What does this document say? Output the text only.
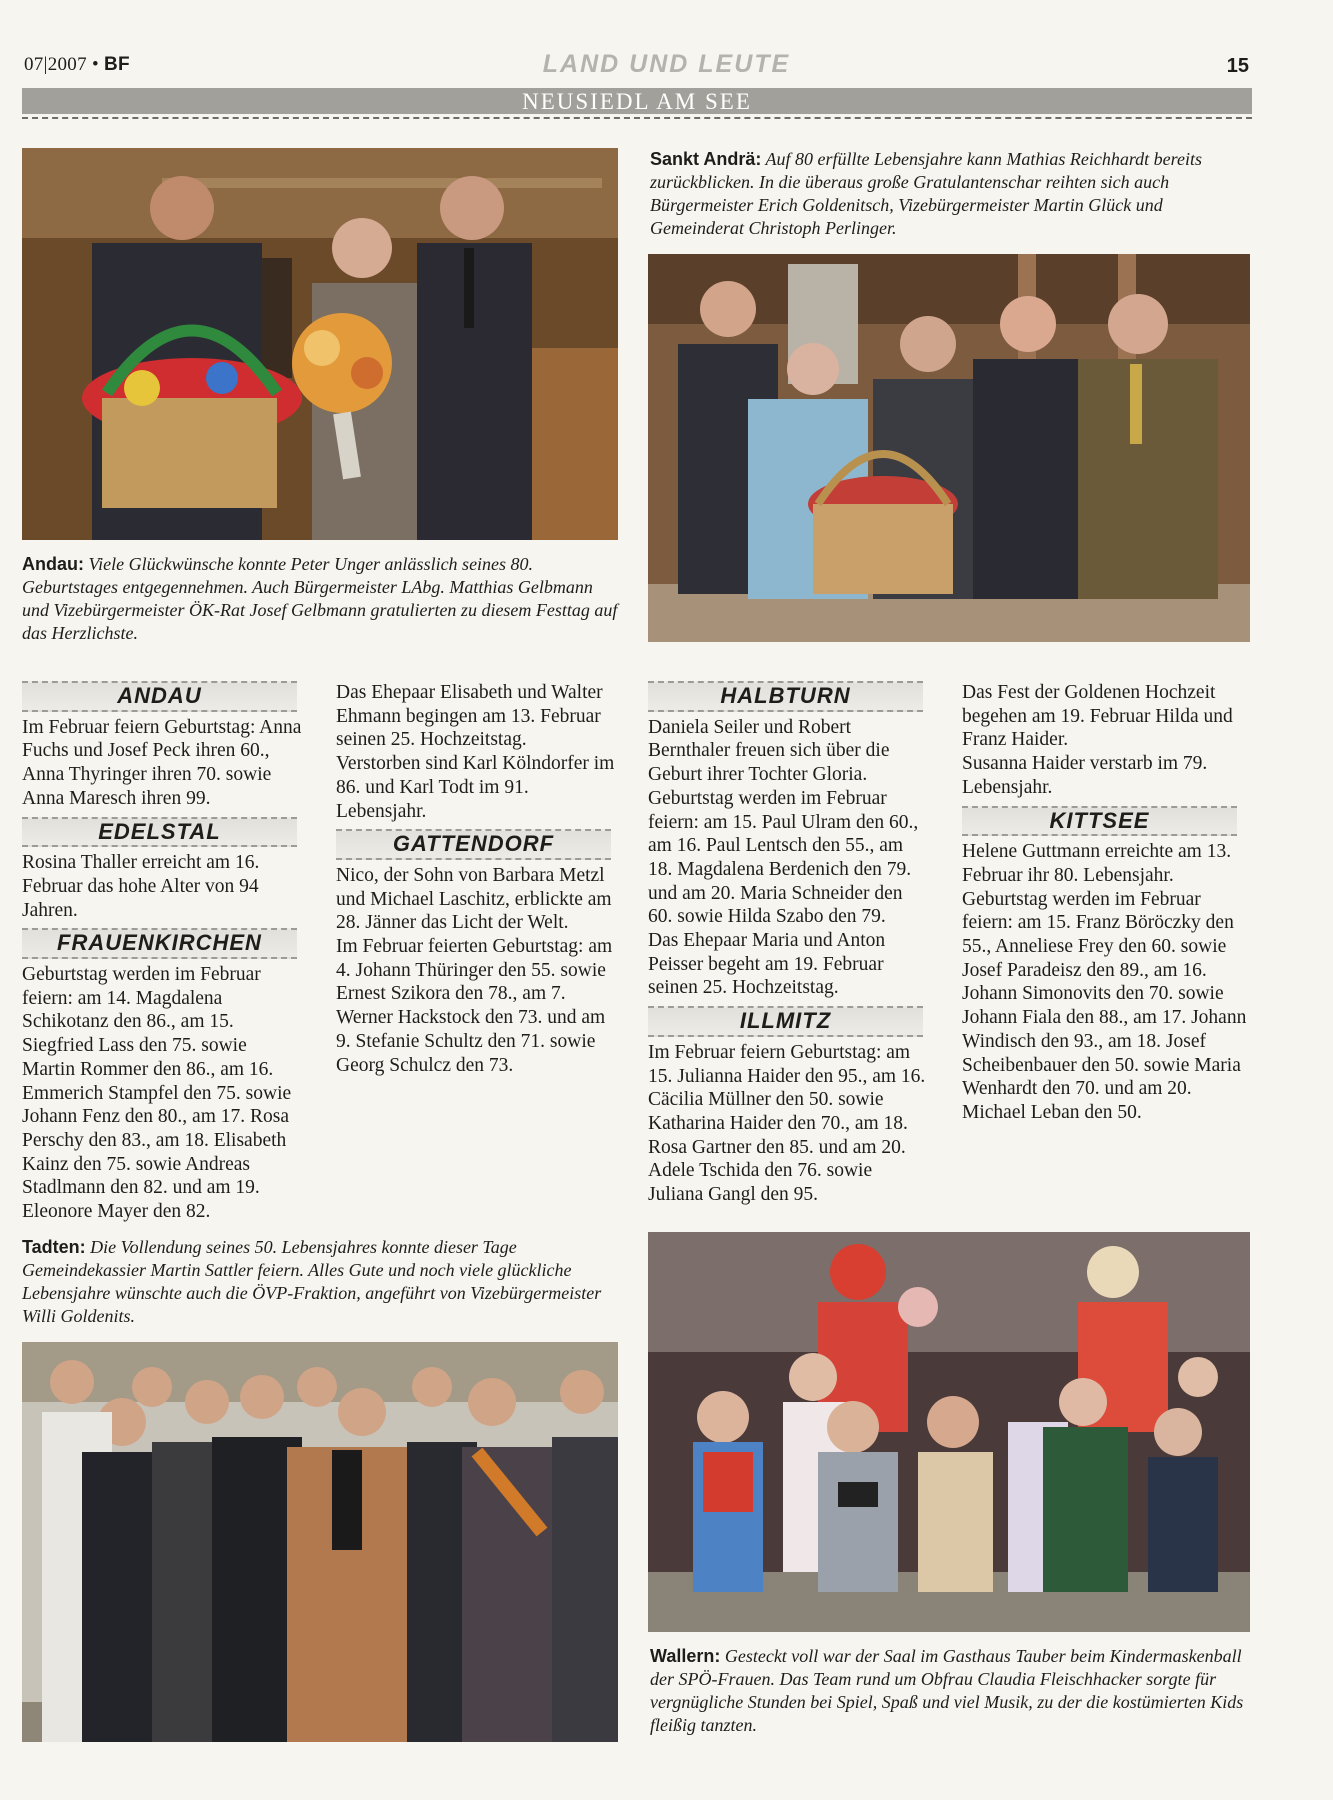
07|2007 • BF	LAND UND LEUTE	15
NEUSIEDL AM SEE
Sankt Andrä: Auf 80 erfüllte Lebensjahre kann Mathias Reichhardt bereits zurückblicken. In die überaus große Gratulantenschar reihten sich auch Bürgermeister Erich Goldenitsch, Vizebürgermeister Martin Glück und Gemeinderat Christoph Perlinger.
Andau: Viele Glückwünsche konnte Peter Unger anlässlich seines 80. Geburtstages entgegennehmen. Auch Bürgermeister LAbg. Matthias Gelbmann und Vizebürgermeister ÖK-Rat Josef Gelbmann gratulierten zu diesem Festtag auf das Herzlichste.
ANDAU

Im Februar feiern Geburtstag: Anna Fuchs und Josef Peck ihren 60., Anna Thyringer ihren 70. sowie Anna Maresch ihren 99.

EDELSTAL

Rosina Thaller erreicht am 16. Februar das hohe Alter von 94 Jahren.

FRAUENKIRCHEN

Geburtstag werden im Februar feiern: am 14. Magdalena Schikotanz den 86., am 15. Siegfried Lass den 75. sowie Martin Rommer den 86., am 16. Emmerich Stampfel den 75. sowie Johann Fenz den 80., am 17. Rosa Perschy den 83., am 18. Elisabeth Kainz den 75. sowie Andreas Stadlmann den 82. und am 19. Eleonore Mayer den 82.

Das Ehepaar Elisabeth und Walter Ehmann begingen am 13. Februar seinen 25. Hochzeitstag.

Verstorben sind Karl Kölndorfer im 86. und Karl Todt im 91. Lebensjahr.

GATTENDORF

Nico, der Sohn von Barbara Metzl und Michael Laschitz, erblickte am 28. Jänner das Licht der Welt.

Im Februar feierten Geburtstag: am 4. Johann Thüringer den 55. sowie Ernest Szikora den 78., am 7. Werner Hackstock den 73. und am 9. Stefanie Schultz den 71. sowie Georg Schulcz den 73.

HALBTURN

Daniela Seiler und Robert Bernthaler freuen sich über die Geburt ihrer Tochter Gloria.

Geburtstag werden im Februar feiern: am 15. Paul Ulram den 60., am 16. Paul Lentsch den 55., am 18. Magdalena Berdenich den 79. und am 20. Maria Schneider den 60. sowie Hilda Szabo den 79.

Das Ehepaar Maria und Anton Peisser begeht am 19. Februar seinen 25. Hochzeitstag.

ILLMITZ

Im Februar feiern Geburtstag: am 15. Julianna Haider den 95., am 16. Cäcilia Müllner den 50. sowie Katharina Haider den 70., am 18. Rosa Gartner den 85. und am 20. Adele Tschida den 76. sowie Juliana Gangl den 95.

Das Fest der Goldenen Hochzeit begehen am 19. Februar Hilda und Franz Haider.

Susanna Haider verstarb im 79. Lebensjahr.

KITTSEE

Helene Guttmann erreichte am 13. Februar ihr 80. Lebensjahr.

Geburtstag werden im Februar feiern: am 15. Franz Böröczky den 55., Anneliese Frey den 60. sowie Josef Paradeisz den 89., am 16. Johann Simonovits den 70. sowie Johann Fiala den 88., am 17. Johann Windisch den 93., am 18. Josef Scheibenbauer den 50. sowie Maria Wenhardt den 70. und am 20. Michael Leban den 50.

Tadten: Die Vollendung seines 50. Lebensjahres konnte dieser Tage Gemeindekassier Martin Sattler feiern. Alles Gute und noch viele glückliche Lebensjahre wünschte auch die ÖVP-Fraktion, angeführt von Vizebürgermeister Willi Goldenits.
Wallern: Gesteckt voll war der Saal im Gasthaus Tauber beim Kindermaskenball der SPÖ-Frauen. Das Team rund um Obfrau Claudia Fleischhacker sorgte für vergnügliche Stunden bei Spiel, Spaß und viel Musik, zu der die kostümierten Kids fleißig tanzten.
